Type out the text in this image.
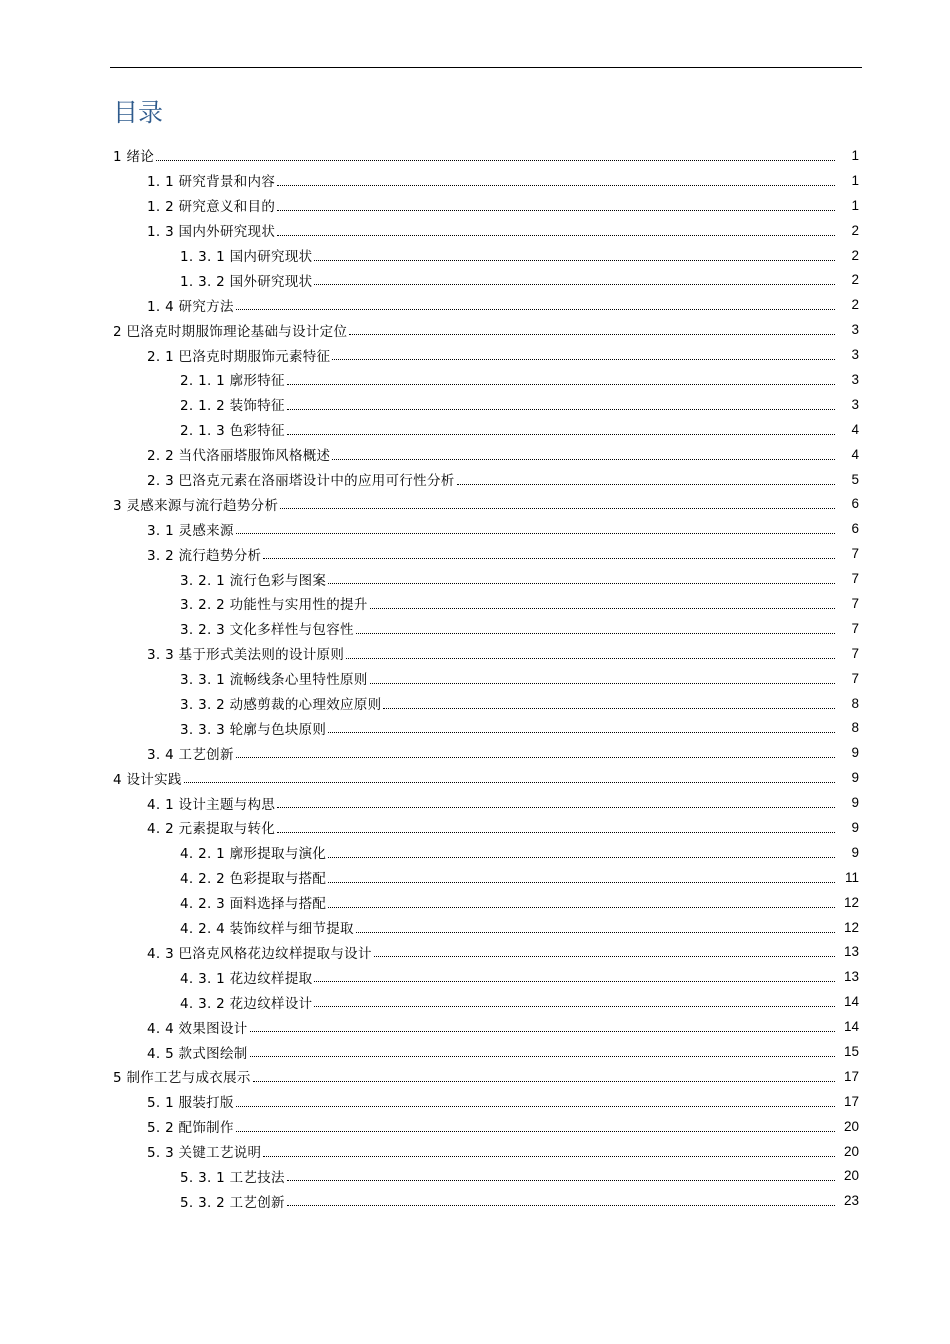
目录
1 绪论	1
1. 1 研究背景和内容	1
1. 2 研究意义和目的	1
1. 3 国内外研究现状	2
1. 3. 1 国内研究现状	2
1. 3. 2 国外研究现状	2
1. 4 研究方法	2
2 巴洛克时期服饰理论基础与设计定位	3
2. 1 巴洛克时期服饰元素特征	3
2. 1. 1 廓形特征	3
2. 1. 2 装饰特征	3
2. 1. 3 色彩特征	4
2. 2 当代洛丽塔服饰风格概述	4
2. 3 巴洛克元素在洛丽塔设计中的应用可行性分析	5
3 灵感来源与流行趋势分析	6
3. 1 灵感来源	6
3. 2 流行趋势分析	7
3. 2. 1 流行色彩与图案	7
3. 2. 2 功能性与实用性的提升	7
3. 2. 3 文化多样性与包容性	7
3. 3 基于形式美法则的设计原则	7
3. 3. 1 流畅线条心里特性原则	7
3. 3. 2 动感剪裁的心理效应原则	8
3. 3. 3 轮廓与色块原则	8
3. 4 工艺创新	9
4 设计实践	9
4. 1 设计主题与构思	9
4. 2 元素提取与转化	9
4. 2. 1 廓形提取与演化	9
4. 2. 2 色彩提取与搭配	11
4. 2. 3 面料选择与搭配	12
4. 2. 4 装饰纹样与细节提取	12
4. 3 巴洛克风格花边纹样提取与设计	13
4. 3. 1 花边纹样提取	13
4. 3. 2 花边纹样设计	14
4. 4 效果图设计	14
4. 5 款式图绘制	15
5 制作工艺与成衣展示	17
5. 1 服装打版	17
5. 2 配饰制作	20
5. 3 关键工艺说明	20
5. 3. 1 工艺技法	20
5. 3. 2 工艺创新	23
